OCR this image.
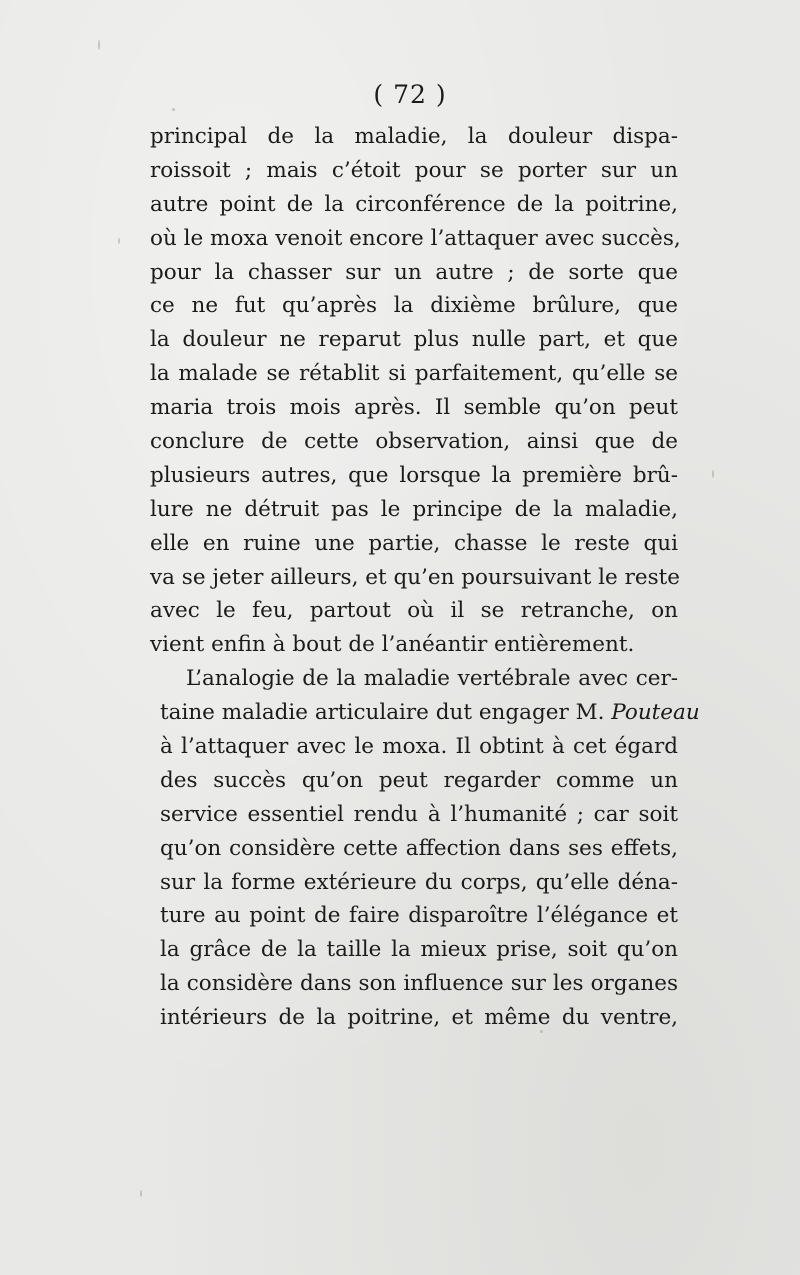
( 72 )
principal de la maladie, la douleur dispa-
roissoit ; mais c’étoit pour se porter sur un
autre point de la circonférence de la poitrine,
où le moxa venoit encore l’attaquer avec succès,
pour la chasser sur un autre ; de sorte que
ce ne fut qu’après la dixième brûlure, que
la douleur ne reparut plus nulle part, et que
la malade se rétablit si parfaitement, qu’elle se
maria trois mois après. Il semble qu’on peut
conclure de cette observation, ainsi que de
plusieurs autres, que lorsque la première brû-
lure ne détruit pas le principe de la maladie,
elle en ruine une partie, chasse le reste qui
va se jeter ailleurs, et qu’en poursuivant le reste
avec le feu, partout où il se retranche, on
vient enfin à bout de l’anéantir entièrement.
L’analogie de la maladie vertébrale avec cer-
taine maladie articulaire dut engager M. Pouteau
à l’attaquer avec le moxa. Il obtint à cet égard
des succès qu’on peut regarder comme un
service essentiel rendu à l’humanité ; car soit
qu’on considère cette affection dans ses effets,
sur la forme extérieure du corps, qu’elle déna-
ture au point de faire disparoître l’élégance et
la grâce de la taille la mieux prise, soit qu’on
la considère dans son influence sur les organes
intérieurs de la poitrine, et même du ventre,
